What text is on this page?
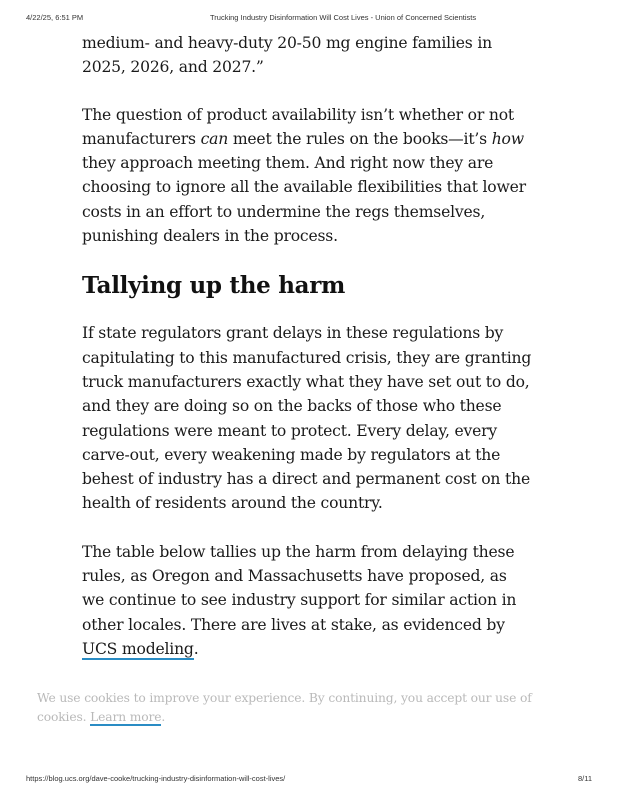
4/22/25, 6:51 PM	Trucking Industry Disinformation Will Cost Lives - Union of Concerned Scientists

medium- and heavy-duty 20-50 mg engine families in 2025, 2026, and 2027.”

The question of product availability isn’t whether or not manufacturers can meet the rules on the books—it’s how they approach meeting them. And right now they are choosing to ignore all the available flexibilities that lower costs in an effort to undermine the regs themselves, punishing dealers in the process.

Tallying up the harm

If state regulators grant delays in these regulations by capitulating to this manufactured crisis, they are granting truck manufacturers exactly what they have set out to do, and they are doing so on the backs of those who these regulations were meant to protect. Every delay, every carve-out, every weakening made by regulators at the behest of industry has a direct and permanent cost on the health of residents around the country.

The table below tallies up the harm from delaying these rules, as Oregon and Massachusetts have proposed, as we continue to see industry support for similar action in other locales. There are lives at stake, as evidenced by UCS modeling.

We use cookies to improve your experience. By continuing, you accept our use of cookies. Learn more.
https://blog.ucs.org/dave-cooke/trucking-industry-disinformation-will-cost-lives/	8/11
